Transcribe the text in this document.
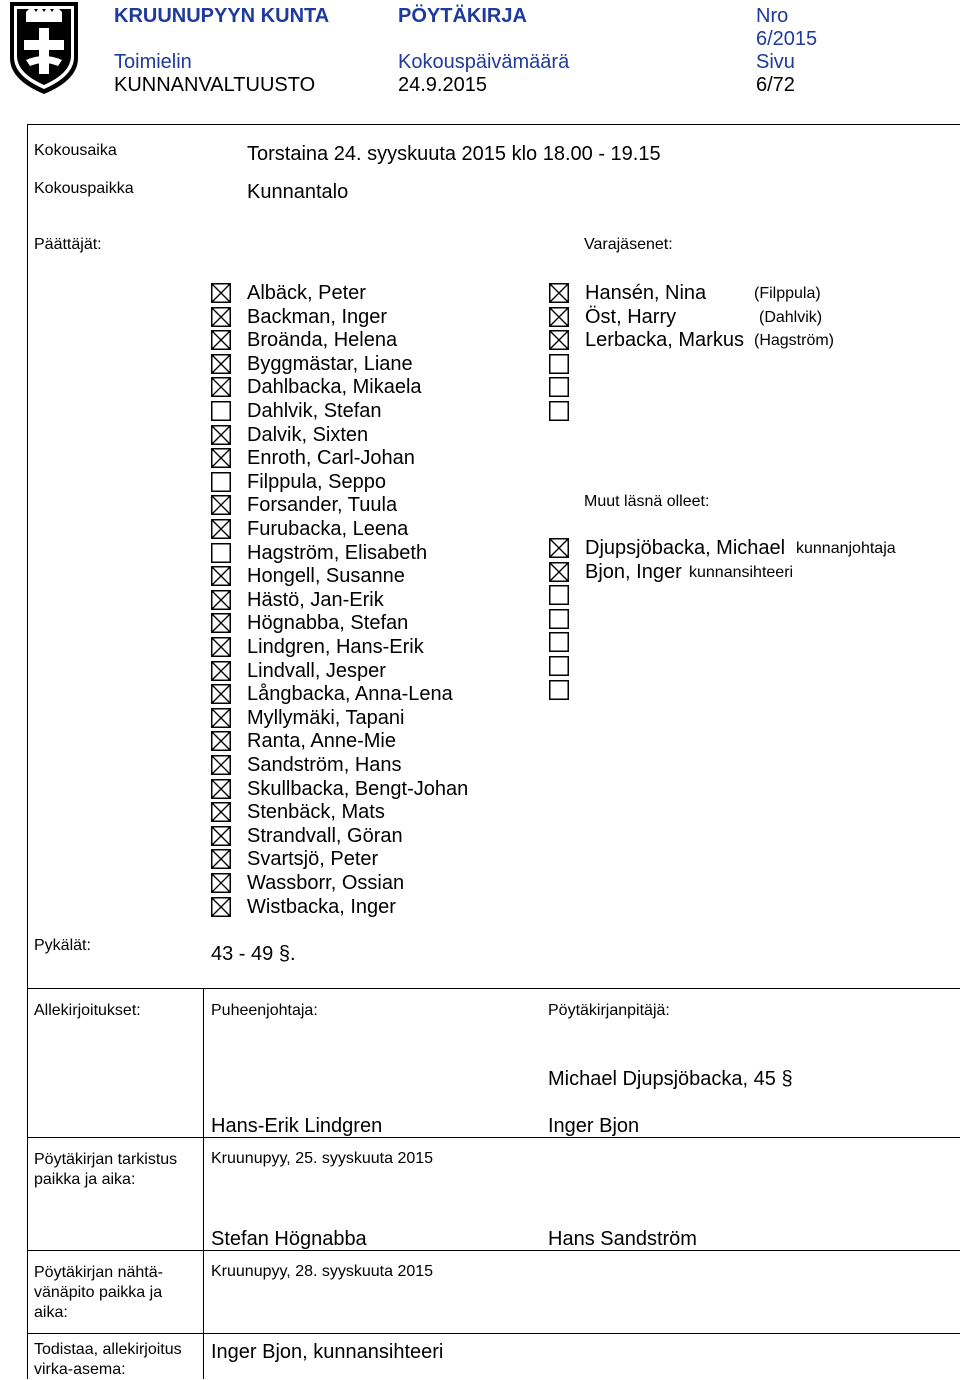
KRUUNUPYYN KUNTA	PÖYTÄKIRJA	Nro
6/2015
Toimielin	Kokouspäivämäärä	Sivu
KUNNANVALTUUSTO	24.9.2015	6/72
Kokousaika	Torstaina 24. syyskuuta 2015 klo 18.00 - 19.15
Kokouspaikka	Kunnantalo
Päättäjät:	Varajäsenet:
Albäck, Peter
Backman, Inger
Broända, Helena
Byggmästar, Liane
Dahlbacka, Mikaela
Dahlvik, Stefan
Dalvik, Sixten
Enroth, Carl-Johan
Filppula, Seppo
Forsander, Tuula
Furubacka, Leena
Hagström, Elisabeth
Hongell, Susanne
Hästö, Jan-Erik
Högnabba, Stefan
Lindgren, Hans-Erik
Lindvall, Jesper
Långbacka, Anna-Lena
Myllymäki, Tapani
Ranta, Anne-Mie
Sandström, Hans
Skullbacka, Bengt-Johan
Stenbäck, Mats
Strandvall, Göran
Svartsjö, Peter
Wassborr, Ossian
Wistbacka, Inger
Hansén, Nina	(Filppula)
Öst, Harry	(Dahlvik)
Lerbacka, Markus (Hagström)
Muut läsnä olleet:
Djupsjöbacka, Michael kunnanjohtaja
Bjon, Inger kunnansihteeri
Pykälät:	43 - 49 §.
Allekirjoitukset:	Puheenjohtaja:	Pöytäkirjanpitäjä:
Michael Djupsjöbacka, 45 §
Hans-Erik Lindgren	Inger Bjon
Pöytäkirjan tarkistus paikka ja aika:
Kruunupyy, 25. syyskuuta 2015
Stefan Högnabba	Hans Sandström
Pöytäkirjan nähtä-vänäpito paikka ja aika:
Kruunupyy, 28. syyskuuta 2015
Todistaa, allekirjoitus virka-asema:
Inger Bjon, kunnansihteeri
